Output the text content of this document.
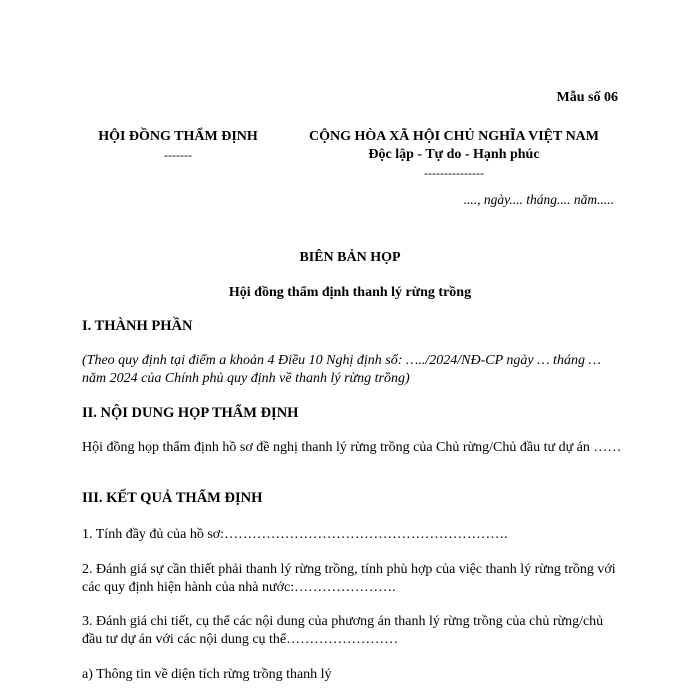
Mẫu số 06
HỘI ĐỒNG THẨM ĐỊNH
-------
CỘNG HÒA XÃ HỘI CHỦ NGHĨA VIỆT NAM
Độc lập - Tự do - Hạnh phúc
---------------
...., ngày.... tháng.... năm.....
BIÊN BẢN HỌP
Hội đồng thẩm định thanh lý rừng trồng
I. THÀNH PHẦN
(Theo quy định tại điểm a khoản 4 Điều 10 Nghị định số: …../2024/NĐ-CP ngày … tháng … năm 2024 của Chính phủ quy định về thanh lý rừng trồng)
II. NỘI DUNG HỌP THẨM ĐỊNH
Hội đồng họp thẩm định hồ sơ đề nghị thanh lý rừng trồng của Chủ rừng/Chủ đầu tư dự án ……
III. KẾT QUẢ THẨM ĐỊNH
1. Tính đầy đủ của hồ sơ:…………………………………………………….
2. Đánh giá sự cần thiết phải thanh lý rừng trồng, tính phù hợp của việc thanh lý rừng trồng với các quy định hiện hành của nhà nước:………………….
3. Đánh giá chi tiết, cụ thể các nội dung của phương án thanh lý rừng trồng của chủ rừng/chủ đầu tư dự án với các nội dung cụ thể……………………
a) Thông tin về diện tích rừng trồng thanh lý
